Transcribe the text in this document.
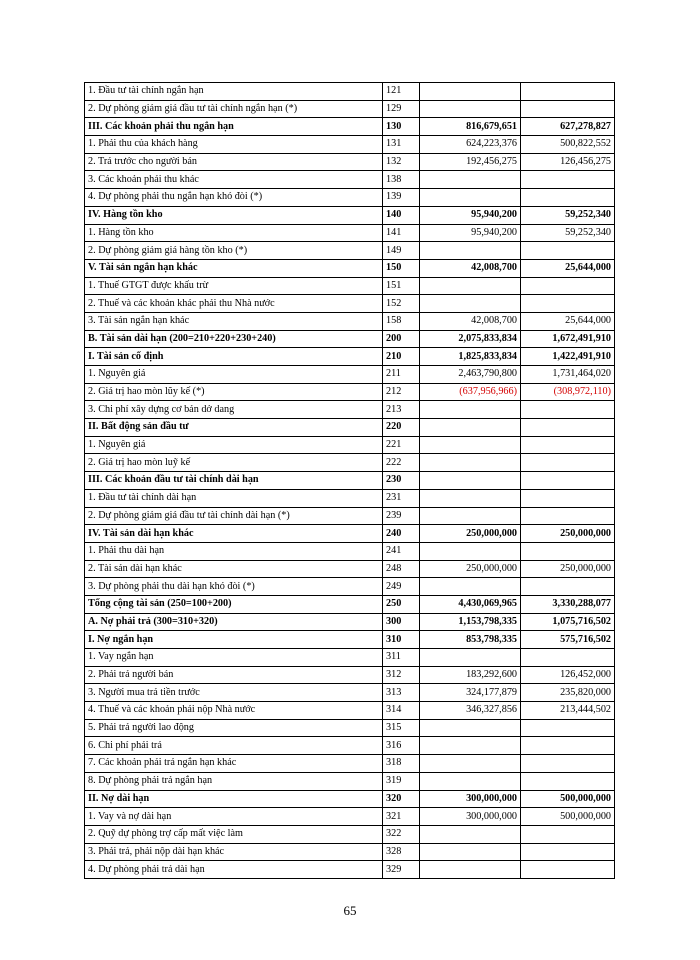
1. Đầu tư tài chính ngắn hạn	121		
2. Dự phòng giảm giá đầu tư tài chính ngắn hạn (*)	129		
III. Các khoản phải thu ngắn hạn	130	816,679,651	627,278,827
1. Phải thu của khách hàng	131	624,223,376	500,822,552
2. Trả trước cho người bán	132	192,456,275	126,456,275
3. Các khoản phải thu khác	138		
4. Dự phòng phải thu ngắn hạn khó đòi (*)	139		
IV. Hàng tồn kho	140	95,940,200	59,252,340
1. Hàng tồn kho	141	95,940,200	59,252,340
2. Dự phòng giảm giá hàng tồn kho (*)	149		
V. Tài sản ngắn hạn khác	150	42,008,700	25,644,000
1. Thuế GTGT được khấu trừ	151		
2. Thuế và các khoản khác phải thu Nhà nước	152		
3. Tài sản ngắn hạn khác	158	42,008,700	25,644,000
B. Tài sản dài hạn (200=210+220+230+240)	200	2,075,833,834	1,672,491,910
I. Tài sản cố định	210	1,825,833,834	1,422,491,910
1. Nguyên giá	211	2,463,790,800	1,731,464,020
2. Giá trị hao mòn lũy kế (*)	212	(637,956,966)	(308,972,110)
3. Chi phí xây dựng cơ bản dở dang	213		
II. Bất động sản đầu tư	220		
1. Nguyên giá	221		
2. Giá trị hao mòn luỹ kế	222		
III. Các khoản đầu tư tài chính dài hạn	230		
1. Đầu tư tài chính dài hạn	231		
2. Dự phòng giảm giá đầu tư tài chính dài hạn (*)	239		
IV. Tài sản dài hạn khác	240	250,000,000	250,000,000
1. Phải thu dài hạn	241		
2. Tài sản dài hạn khác	248	250,000,000	250,000,000
3. Dự phòng phải thu dài hạn khó đòi (*)	249		
Tổng cộng tài sản (250=100+200)	250	4,430,069,965	3,330,288,077
A. Nợ phải trả (300=310+320)	300	1,153,798,335	1,075,716,502
I. Nợ ngắn hạn	310	853,798,335	575,716,502
1. Vay ngắn hạn	311		
2. Phải trả người bán	312	183,292,600	126,452,000
3. Người mua trả tiền trước	313	324,177,879	235,820,000
4. Thuế và các khoản phải nộp Nhà nước	314	346,327,856	213,444,502
5. Phải trả người lao động	315		
6. Chi phí phải trả	316		
7. Các khoản phải trả ngắn hạn khác	318		
8. Dự phòng phải trả ngắn hạn	319		
II. Nợ dài hạn	320	300,000,000	500,000,000
1. Vay và nợ dài hạn	321	300,000,000	500,000,000
2. Quỹ dự phòng trợ cấp mất việc làm	322		
3. Phải trả, phải nộp dài hạn khác	328		
4. Dự phòng phải trả dài hạn	329		
65
